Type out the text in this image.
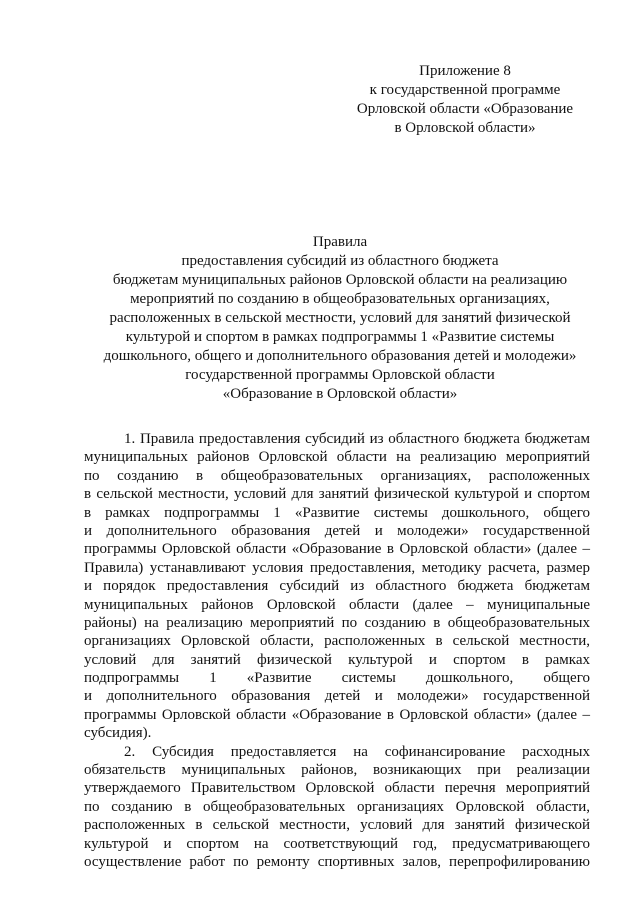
Приложение 8
к государственной программе
Орловской области «Образование
в Орловской области»
Правила
предоставления субсидий из областного бюджета
бюджетам муниципальных районов Орловской области на реализацию
мероприятий по созданию в общеобразовательных организациях,
расположенных в сельской местности, условий для занятий физической
культурой и спортом в рамках подпрограммы 1 «Развитие системы
дошкольного, общего и дополнительного образования детей и молодежи»
государственной программы Орловской области
«Образование в Орловской области»

1. Правила предоставления субсидий из областного бюджета бюджетам

муниципальных районов Орловской области на реализацию мероприятий

по созданию в общеобразовательных организациях, расположенных

в сельской местности, условий для занятий физической культурой и спортом

в рамках подпрограммы 1 «Развитие системы дошкольного, общего

и дополнительного образования детей и молодежи» государственной

программы Орловской области «Образование в Орловской области» (далее –

Правила) устанавливают условия предоставления, методику расчета, размер

и порядок предоставления субсидий из областного бюджета бюджетам

муниципальных районов Орловской области (далее – муниципальные

районы) на реализацию мероприятий по созданию в общеобразовательных

организациях Орловской области, расположенных в сельской местности,

условий для занятий физической культурой и спортом в рамках

подпрограммы 1 «Развитие системы дошкольного, общего

и дополнительного образования детей и молодежи» государственной

программы Орловской области «Образование в Орловской области» (далее –

субсидия).

2. Субсидия предоставляется на софинансирование расходных

обязательств муниципальных районов, возникающих при реализации

утверждаемого Правительством Орловской области перечня мероприятий

по созданию в общеобразовательных организациях Орловской области,

расположенных в сельской местности, условий для занятий физической

культурой и спортом на соответствующий год, предусматривающего

осуществление работ по ремонту спортивных залов, перепрофилированию
